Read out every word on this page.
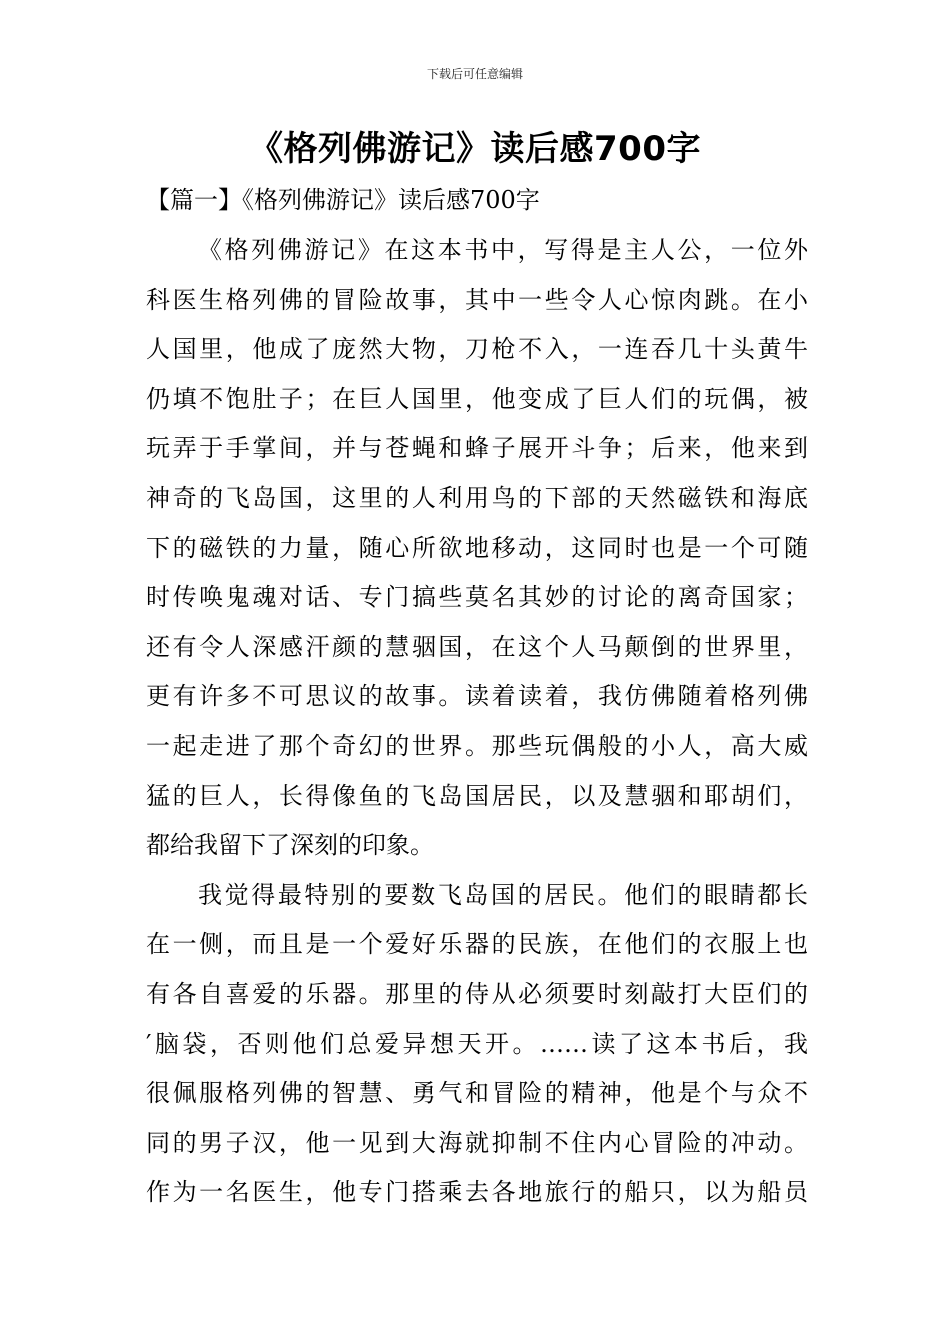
下载后可任意编辑
《格列佛游记》读后感700字
【篇一】《格列佛游记》读后感700字
《格列佛游记》在这本书中，写得是主人公，一位外
科医生格列佛的冒险故事，其中一些令人心惊肉跳。在小
人国里，他成了庞然大物，刀枪不入，一连吞几十头黄牛
仍填不饱肚子；在巨人国里，他变成了巨人们的玩偶，被
玩弄于手掌间，并与苍蝇和蜂子展开斗争；后来，他来到
神奇的飞岛国，这里的人利用鸟的下部的天然磁铁和海底
下的磁铁的力量，随心所欲地移动，这同时也是一个可随
时传唤鬼魂对话、专门搞些莫名其妙的讨论的离奇国家；
还有令人深感汗颜的慧骃国，在这个人马颠倒的世界里，
更有许多不可思议的故事。读着读着，我仿佛随着格列佛
一起走进了那个奇幻的世界。那些玩偶般的小人，高大威
猛的巨人，长得像鱼的飞岛国居民，以及慧骃和耶胡们，
都给我留下了深刻的印象。
我觉得最特别的要数飞岛国的居民。他们的眼睛都长
在一侧，而且是一个爱好乐器的民族，在他们的衣服上也
有各自喜爱的乐器。那里的侍从必须要时刻敲打大臣们的
′脑袋，否则他们总爱异想天开。……读了这本书后，我
很佩服格列佛的智慧、勇气和冒险的精神，他是个与众不
同的男子汉，他一见到大海就抑制不住内心冒险的冲动。
作为一名医生，他专门搭乘去各地旅行的船只，以为船员
